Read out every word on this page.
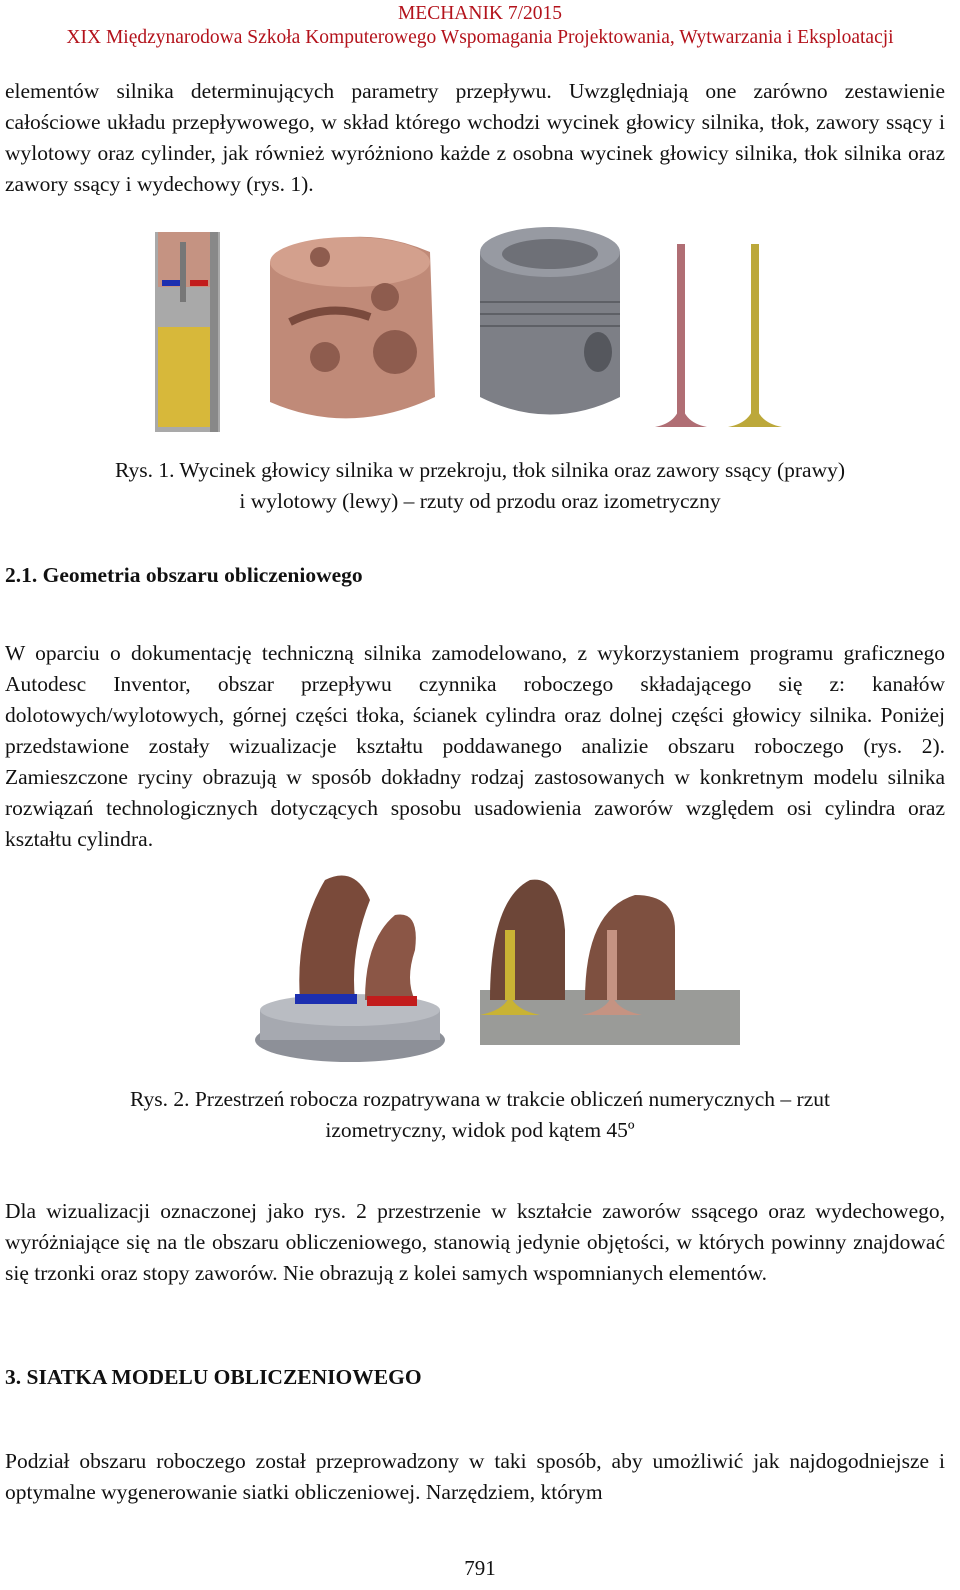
MECHANIK 7/2015
XIX Międzynarodowa Szkoła Komputerowego Wspomagania Projektowania, Wytwarzania i Eksploatacji

elementów silnika determinujących parametry przepływu. Uwzględniają one zarówno zestawienie całościowe układu przepływowego, w skład którego wchodzi wycinek głowicy silnika, tłok, zawory ssący i wylotowy oraz cylinder, jak również wyróżniono każde z osobna wycinek głowicy silnika, tłok silnika oraz zawory ssący i wydechowy (rys. 1).

Rys. 1. Wycinek głowicy silnika w przekroju, tłok silnika oraz zawory ssący (prawy)

i wylotowy (lewy) – rzuty od przodu oraz izometryczny

2.1. Geometria obszaru obliczeniowego

W oparciu o dokumentację techniczną silnika zamodelowano, z wykorzystaniem programu graficznego Autodesc Inventor, obszar przepływu czynnika roboczego składającego się z: kanałów dolotowych/wylotowych, górnej części tłoka, ścianek cylindra oraz dolnej części głowicy silnika. Poniżej przedstawione zostały wizualizacje kształtu poddawanego analizie obszaru roboczego (rys. 2). Zamieszczone ryciny obrazują w sposób dokładny rodzaj zastosowanych w konkretnym modelu silnika rozwiązań technologicznych dotyczących sposobu usadowienia zaworów względem osi cylindra oraz kształtu cylindra.

Rys. 2. Przestrzeń robocza rozpatrywana w trakcie obliczeń numerycznych – rzut

izometryczny, widok pod kątem 45º

Dla wizualizacji oznaczonej jako rys. 2 przestrzenie w kształcie zaworów ssącego oraz wydechowego, wyróżniające się na tle obszaru obliczeniowego, stanowią jedynie objętości, w których powinny znajdować się trzonki oraz stopy zaworów. Nie obrazują z kolei samych wspomnianych elementów.

3. SIATKA MODELU OBLICZENIOWEGO

Podział obszaru roboczego został przeprowadzony w taki sposób, aby umożliwić jak najdogodniejsze i optymalne wygenerowanie siatki obliczeniowej. Narzędziem, którym

791
